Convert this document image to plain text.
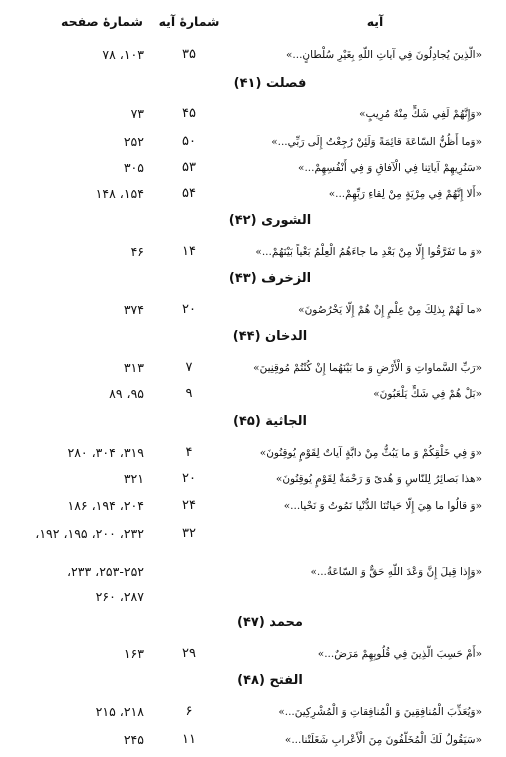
آیه
شمارهٔ آیه
شمارهٔ صفحه
«الَّذِینَ یُجادِلُونَ فِي آیاتِ اللّهِ بِغَیْرِ سُلْطانٍ...»
۳۵
۱۰۳، ۷۸
فصلت (۴۱)
«وَإِنَّهُمْ لَفِي شَكٍّ مِنْهُ مُرِیبٍ»
۴۵
۷۳
«وَما أَظُنُّ السّاعَةَ قائِمَةً وَلَئِنْ رُجِعْتُ إِلَى رَبِّي...»
۵۰
۲۵۲
«سَنُرِیهِمْ آیاتِنا فِي الْآفاقِ وَ فِي أَنْفُسِهِمْ...»
۵۳
۳۰۵
«أَلا إِنَّهُمْ فِي مِرْیَةٍ مِنْ لِقاءِ رَبِّهِمْ...»
۵۴
۱۵۴، ۱۴۸
الشوری (۴۲)
«وَ ما تَفَرَّقُوا إِلّا مِنْ بَعْدِ ما جاءَهُمُ الْعِلْمُ بَغْیاً بَیْنَهُمْ...»
۱۴
۴۶
الزخرف (۴۳)
«ما لَهُمْ بِذلِكَ مِنْ عِلْمٍ إِنْ هُمْ إِلّا یَخْرُصُونَ»
۲۰
۳۷۴
الدخان (۴۴)
«رَبِّ السَّماواتِ وَ الْأَرْضِ وَ ما بَیْنَهُما إِنْ كُنْتُمْ مُوقِنِینَ»
۷
۳۱۳
«بَلْ هُمْ فِي شَكٍّ یَلْعَبُونَ»
۹
۹۵، ۸۹
الجاثیة (۴۵)
«وَ فِي خَلْقِكُمْ وَ ما یَبُثُّ مِنْ دابَّةٍ آیاتٌ لِقَوْمٍ یُوقِنُونَ»
۴
۳۱۹، ۳۰۴، ۲۸۰
«هذا بَصائِرُ لِلنّاسِ وَ هُدىً وَ رَحْمَةٌ لِقَوْمٍ یُوقِنُونَ»
۲۰
۳۲۱
«وَ قالُوا ما هِيَ إِلّا حَیاتُنَا الدُّنْیا نَمُوتُ وَ نَحْیا...»
۲۴
۲۰۴، ۱۹۴، ۱۸۶
۳۲
۲۳۲، ۲۰۰، ۱۹۵، ۱۹۲،
«وَإِذا قِیلَ إِنَّ وَعْدَ اللّهِ حَقٌّ وَ السّاعَةُ...»
۲۵۳-۲۵۲، ۲۳۳،
۲۸۷، ۲۶۰
محمد (۴۷)
«أَمْ حَسِبَ الَّذِینَ فِي قُلُوبِهِمْ مَرَضٌ...»
۲۹
۱۶۳
الفتح (۴۸)
«وَیُعَذِّبَ الْمُنافِقِینَ وَ الْمُنافِقاتِ وَ الْمُشْرِكِینَ...»
۶
۲۱۸، ۲۱۵
«سَیَقُولُ لَكَ الْمُخَلَّفُونَ مِنَ الْأَعْرابِ شَغَلَتْنا...»
۱۱
۲۴۵
